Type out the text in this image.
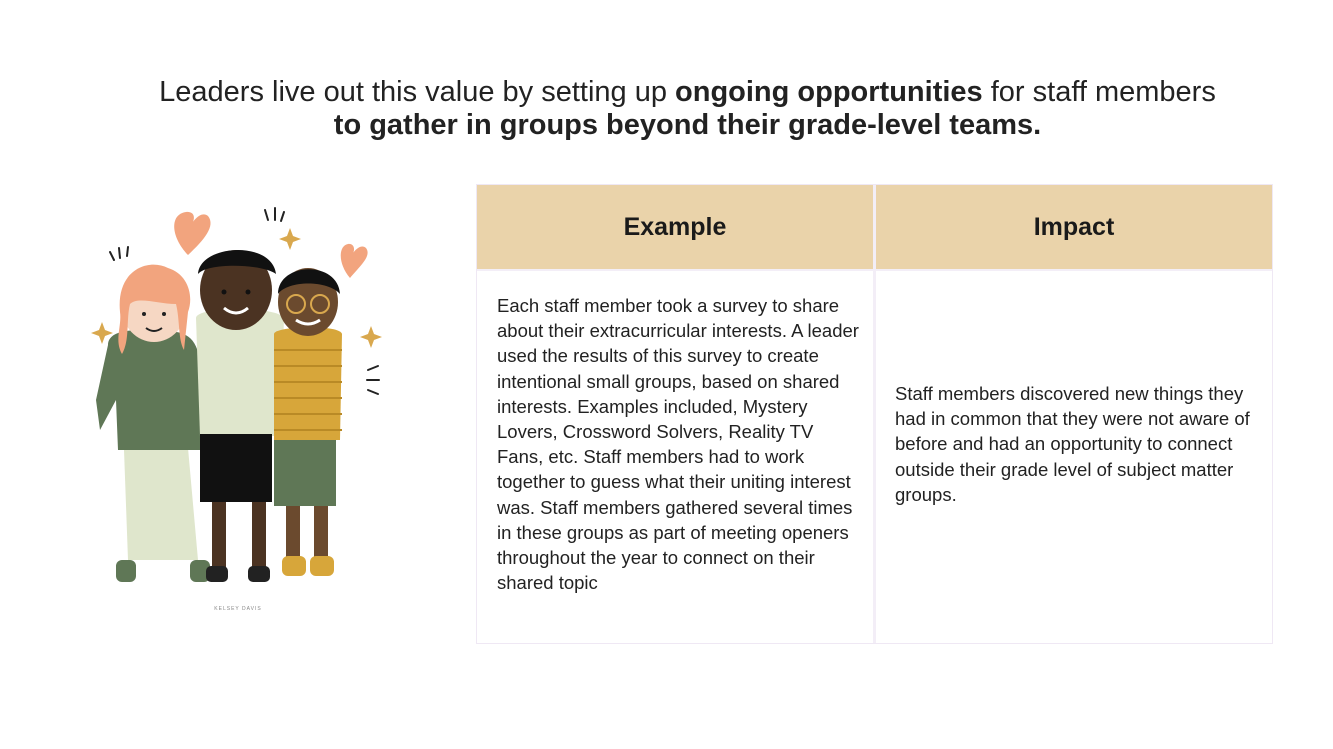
Leaders live out this value by setting up ongoing opportunities for staff members to gather in groups beyond their grade-level teams.
KELSEY DAVIS
Example	Impact
Each staff member took a survey to share about their extracurricular interests. A leader used the results of this survey to create intentional small groups, based on shared interests. Examples included, Mystery Lovers, Crossword Solvers, Reality TV Fans, etc. Staff members had to work together to guess what their uniting interest was. Staff members gathered several times in these groups as part of meeting openers throughout the year to connect on their shared topic
Staff members discovered new things they had in common that they were not aware of before and had an opportunity to connect outside their grade level of subject matter groups.
